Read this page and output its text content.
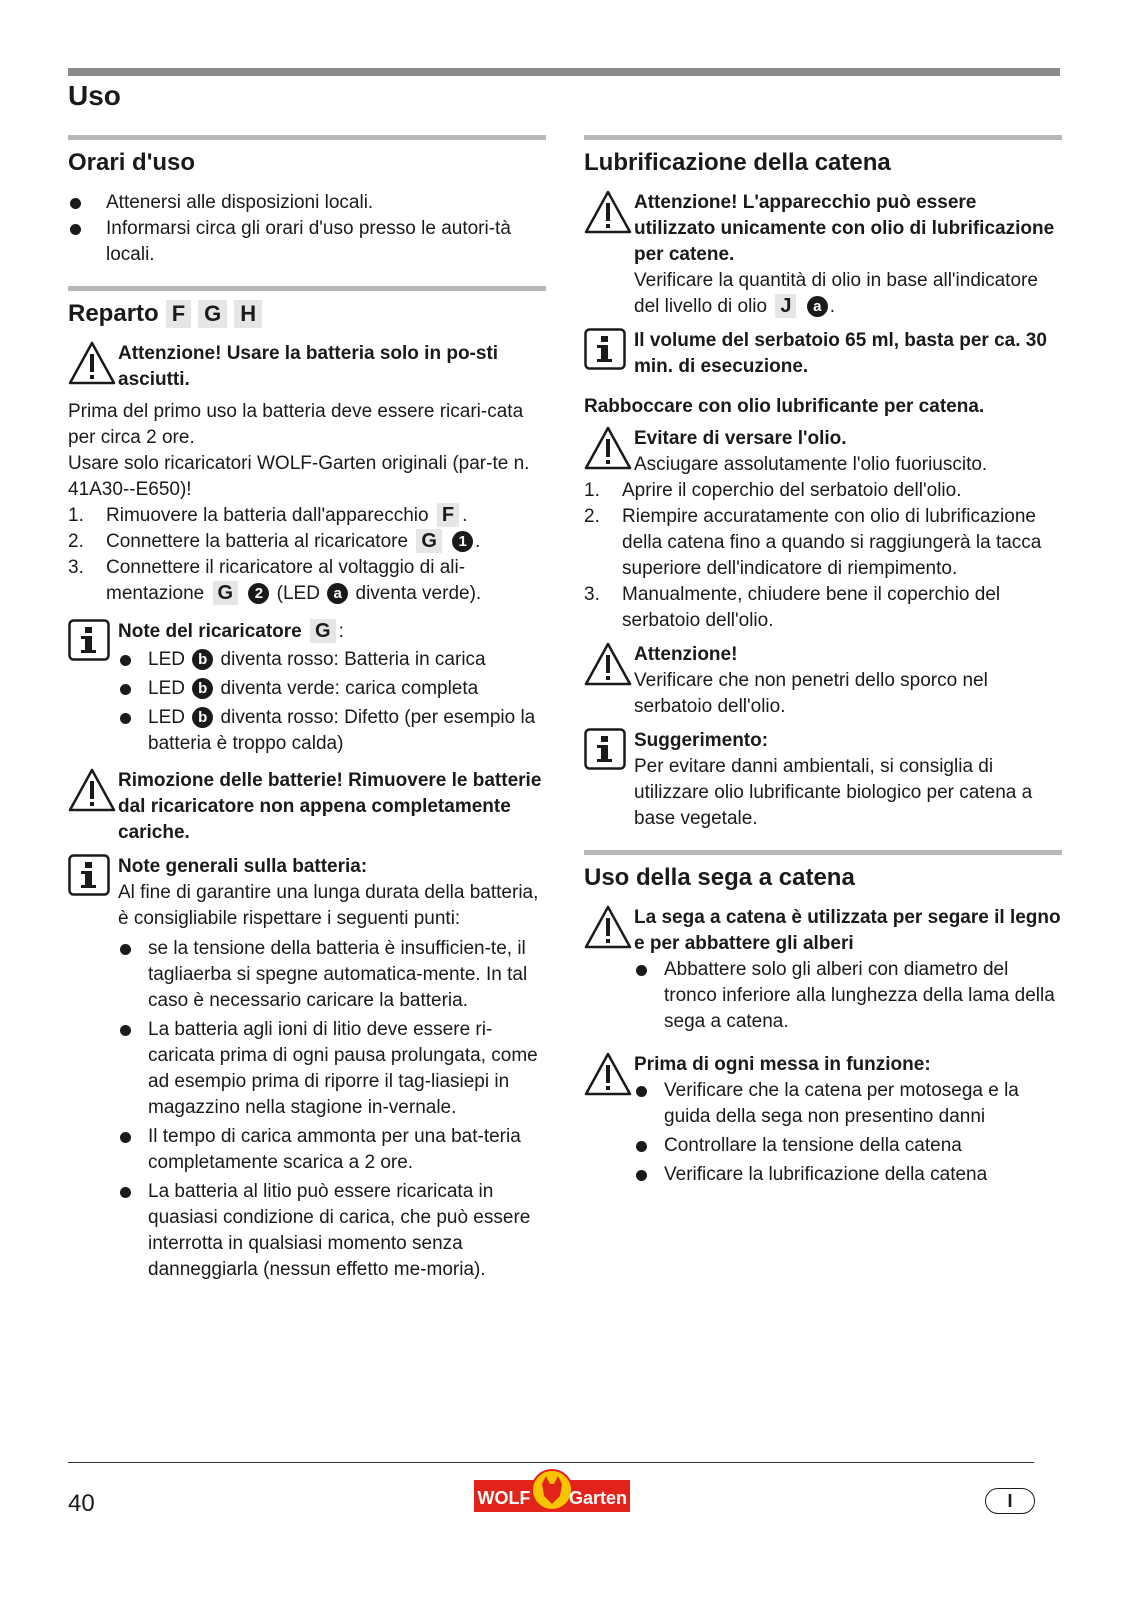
Uso
Orari d'uso
Attenersi alle disposizioni locali.
Informarsi circa gli orari d'uso presso le autori-tà locali.
Reparto F G H

Attenzione! Usare la batteria solo in po-sti asciutti.

Prima del primo uso la batteria deve essere ricari-cata per circa 2 ore.

Usare solo ricaricatori WOLF-Garten originali (par-te n. 41A30--E650)!

1. Rimuovere la batteria dall'apparecchio F .
2. Connettere la batteria al ricaricatore G 1 .
3. Connettere il ricaricatore al voltaggio di ali-mentazione G 2 (LED a diventa verde).

Note del ricaricatore G :

LED b diventa rosso: Batteria in carica
LED b diventa verde: carica completa
LED b diventa rosso: Difetto (per esempio la batteria è troppo calda)

Rimozione delle batterie! Rimuovere le batterie dal ricaricatore non appena completamente cariche.

Note generali sulla batteria:

Al fine di garantire una lunga durata della batteria, è consigliabile rispettare i seguenti punti:

se la tensione della batteria è insufficien-te, il tagliaerba si spegne automatica-mente. In tal caso è necessario caricare la batteria.
La batteria agli ioni di litio deve essere ri-caricata prima di ogni pausa prolungata, come ad esempio prima di riporre il tag-liasiepi in magazzino nella stagione in-vernale.
Il tempo di carica ammonta per una bat-teria completamente scarica a 2 ore.
La batteria al litio può essere ricaricata in quasiasi condizione di carica, che può essere interrotta in qualsiasi momento senza danneggiarla (nessun effetto me-moria).
Lubrificazione della catena

Attenzione! L'apparecchio può essere utilizzato unicamente con olio di lubrificazione per catene.

Verificare la quantità di olio in base all'indicatore del livello di olio J a .

Il volume del serbatoio 65 ml, basta per ca. 30 min. di esecuzione.

Rabboccare con olio lubrificante per catena.

Evitare di versare l'olio.

Asciugare assolutamente l'olio fuoriuscito.

1. Aprire il coperchio del serbatoio dell'olio.
2. Riempire accuratamente con olio di lubrificazione della catena fino a quando si raggiungerà la tacca superiore dell'indicatore di riempimento.
3. Manualmente, chiudere bene il coperchio del serbatoio dell'olio.

Attenzione!

Verificare che non penetri dello sporco nel serbatoio dell'olio.

Suggerimento:

Per evitare danni ambientali, si consiglia di utilizzare olio lubrificante biologico per catena a base vegetale.

Uso della sega a catena

La sega a catena è utilizzata per segare il legno e per abbattere gli alberi

Abbattere solo gli alberi con diametro del tronco inferiore alla lunghezza della lama della sega a catena.

Prima di ogni messa in funzione:

Verificare che la catena per motosega e la guida della sega non presentino danni
Controllare la tensione della catena
Verificare la lubrificazione della catena
40	WOLF Garten	I
